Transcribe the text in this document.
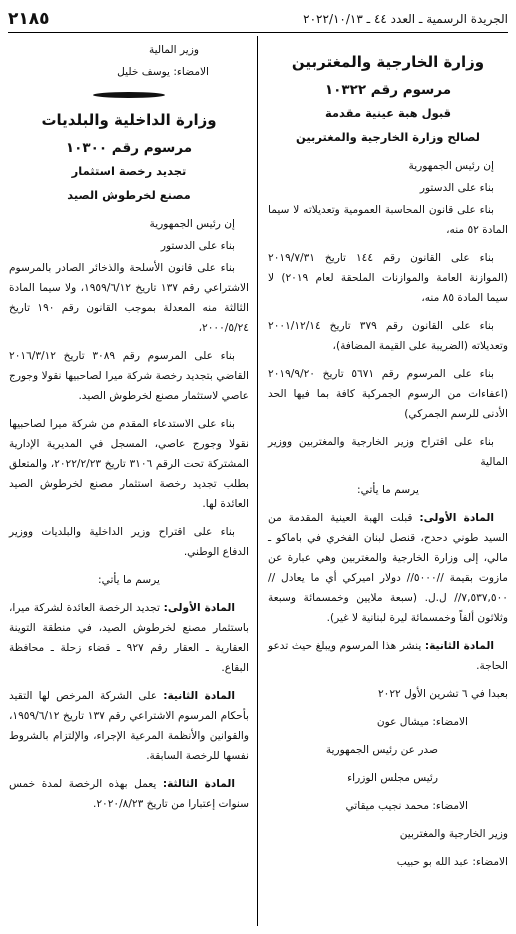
الجريدة الرسمية ـ العدد ٤٤ ـ ٢٠٢٢/١٠/١٣
٢١٨٥
وزارة الخارجية والمغتربين
مرسوم رقم ١٠٣٢٢
قبول هبة عينية مقدمة
لصالح وزارة الخارجية والمغتربين

إن رئيس الجمهورية

بناء على الدستور

بناء على قانون المحاسبة العمومية وتعديلاته لا سيما المادة ٥٢ منه،

بناء على القانون رقم ١٤٤ تاريخ ٢٠١٩/٧/٣١ (الموازنة العامة والموازنات الملحقة لعام ٢٠١٩) لا سيما المادة ٨٥ منه،

بناء على القانون رقم ٣٧٩ تاريخ ٢٠٠١/١٢/١٤ وتعديلاته (الضريبة على القيمة المضافة)،

بناء على المرسوم رقم ٥٦٧١ تاريخ ٢٠١٩/٩/٢٠ (اعفاءات من الرسوم الجمركية كافة بما فيها الحد الأدنى للرسم الجمركي)

بناء على اقتراح وزير الخارجية والمغتربين ووزير المالية

يرسم ما يأتي:

المادة الأولى: قبلت الهبة العينية المقدمة من السيد طوني دحدح، قنصل لبنان الفخري في باماكو ـ مالي، إلى وزارة الخارجية والمغتربين وهي عبارة عن مازوت بقيمة //٥٠٠٠// دولار اميركي أي ما يعادل //٧,٥٣٧,٥٠٠// ل.ل. (سبعة ملايين وخمسمائة وسبعة وثلاثون ألفاً وخمسمائة ليرة لبنانية لا غير).

المادة الثانية: ينشر هذا المرسوم ويبلغ حيث تدعو الحاجة.

بعبدا في ٦ تشرين الأول ٢٠٢٢

الامضاء: ميشال عون

صدر عن رئيس الجمهورية

رئيس مجلس الوزراء

الامضاء: محمد نجيب ميقاتي

وزير الخارجية والمغتربين

الامضاء: عبد الله بو حبيب

وزير المالية

الامضاء: يوسف خليل

وزارة الداخلية والبلديات
مرسوم رقم ١٠٣٠٠
تجديد رخصة استثمار
مصنع لخرطوش الصيد

إن رئيس الجمهورية

بناء على الدستور

بناء على قانون الأسلحة والذخائر الصادر بالمرسوم الاشتراعي رقم ١٣٧ تاريخ ١٩٥٩/٦/١٢، ولا سيما المادة الثالثة منه المعدلة بموجب القانون رقم ١٩٠ تاريخ ٢٠٠٠/٥/٢٤،

بناء على المرسوم رقم ٣٠٨٩ تاريخ ٢٠١٦/٣/١٢ القاضي بتجديد رخصة شركة ميرا لصاحبيها نقولا وجورج عاصي لاستثمار مصنع لخرطوش الصيد.

بناء على الاستدعاء المقدم من شركة ميرا لصاحبيها نقولا وجورج عاصي، المسجل في المديرية الإدارية المشتركة تحت الرقم ٣١٠٦ تاريخ ٢٠٢٢/٢/٢٣، والمتعلق بطلب تجديد رخصة استثمار مصنع لخرطوش الصيد العائدة لها.

بناء على اقتراح وزير الداخلية والبلديات ووزير الدفاع الوطني.

يرسم ما يأتي:

المادة الأولى: تجديد الرخصة العائدة لشركة ميرا، باستثمار مصنع لخرطوش الصيد، في منطقة التوينة العقارية ـ العقار رقم ٩٢٧ ـ قضاء زحلة ـ محافظة البقاع.

المادة الثانية: على الشركة المرخص لها التقيد بأحكام المرسوم الاشتراعي رقم ١٣٧ تاريخ ١٩٥٩/٦/١٢، والقوانين والأنظمة المرعية الإجراء، والإلتزام بالشروط نفسها للرخصة السابقة.

المادة الثالثة: يعمل بهذه الرخصة لمدة خمس سنوات إعتبارا من تاريخ ٢٠٢٠/٨/٢٣.
